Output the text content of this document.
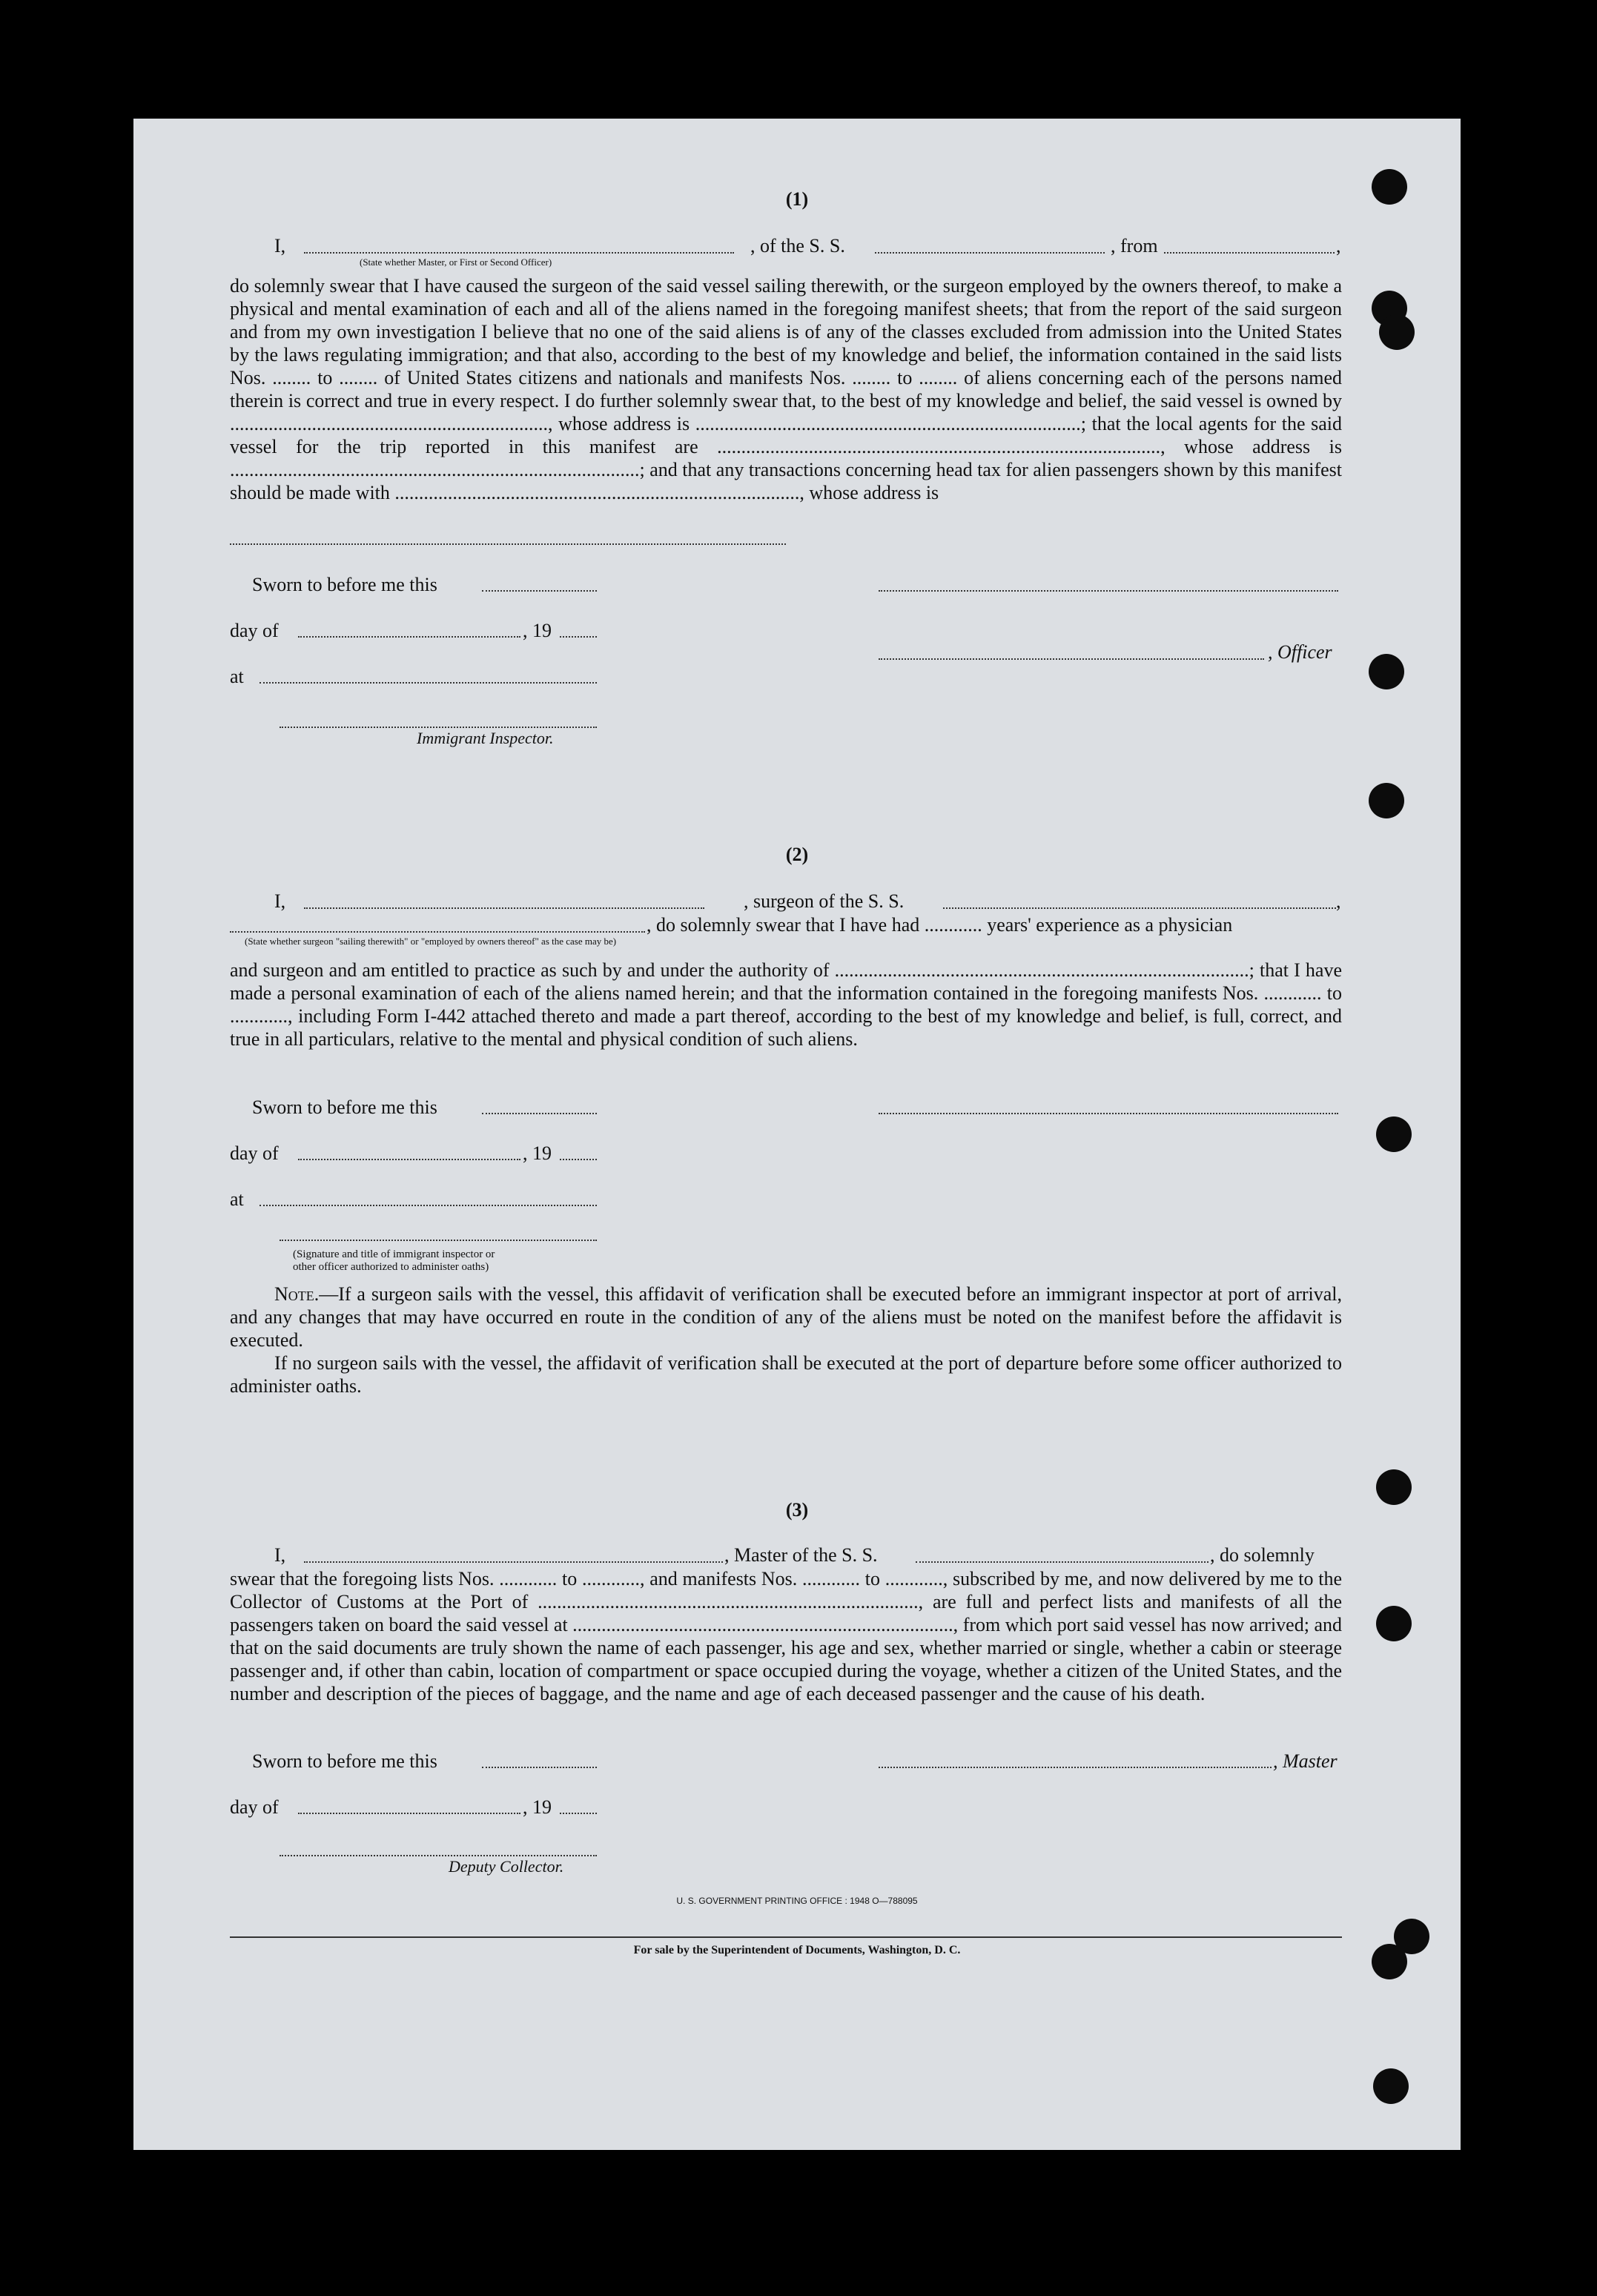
(1)
I,	, of the S. S.	, from	,
(State whether Master, or First or Second Officer)
do solemnly swear that I have caused the surgeon of the said vessel sailing therewith, or the surgeon employed by the owners thereof, to make a physical and mental examination of each and all of the aliens named in the foregoing manifest sheets; that from the report of the said surgeon and from my own investigation I believe that no one of the said aliens is of any of the classes excluded from admission into the United States by the laws regulating immigration; and that also, according to the best of my knowledge and belief, the information contained in the said lists Nos. ........ to ........ of United States citizens and nationals and manifests Nos. ........ to ........ of aliens concerning each of the persons named therein is correct and true in every respect. I do further solemnly swear that, to the best of my knowledge and belief, the said vessel is owned by .................................................................., whose address is ................................................................................; that the local agents for the said vessel for the trip reported in this manifest are ............................................................................................, whose address is .....................................................................................; and that any transactions concerning head tax for alien passengers shown by this manifest should be made with ...................................................................................., whose address is
Sworn to before me this
day of	, 19
, Officer
at
Immigrant Inspector.
(2)
I,	, surgeon of the S. S.	,
, do solemnly swear that I have had ............ years' experience as a physician
(State whether surgeon "sailing therewith" or "employed by owners thereof" as the case may be)
and surgeon and am entitled to practice as such by and under the authority of ......................................................................................; that I have made a personal examination of each of the aliens named herein; and that the information contained in the foregoing manifests Nos. ............ to ............, including Form I-442 attached thereto and made a part thereof, according to the best of my knowledge and belief, is full, correct, and true in all particulars, relative to the mental and physical condition of such aliens.
Sworn to before me this
day of	, 19
at
(Signature and title of immigrant inspector or
other officer authorized to administer oaths)
Note.—If a surgeon sails with the vessel, this affidavit of verification shall be executed before an immigrant inspector at port of arrival, and any changes that may have occurred en route in the condition of any of the aliens must be noted on the manifest before the affidavit is executed.
If no surgeon sails with the vessel, the affidavit of verification shall be executed at the port of departure before some officer authorized to administer oaths.
(3)
I,	, Master of the S. S.	, do solemnly
swear that the foregoing lists Nos. ............ to ............, and manifests Nos. ............ to ............, subscribed by me, and now delivered by me to the Collector of Customs at the Port of ..............................................................................., are full and perfect lists and manifests of all the passengers taken on board the said vessel at ..............................................................................., from which port said vessel has now arrived; and that on the said documents are truly shown the name of each passenger, his age and sex, whether married or single, whether a cabin or steerage passenger and, if other than cabin, location of compartment or space occupied during the voyage, whether a citizen of the United States, and the number and description of the pieces of baggage, and the name and age of each deceased passenger and the cause of his death.
Sworn to before me this	, Master
day of	, 19
Deputy Collector.
U. S. GOVERNMENT PRINTING OFFICE : 1948 O—788095
For sale by the Superintendent of Documents, Washington, D. C.
